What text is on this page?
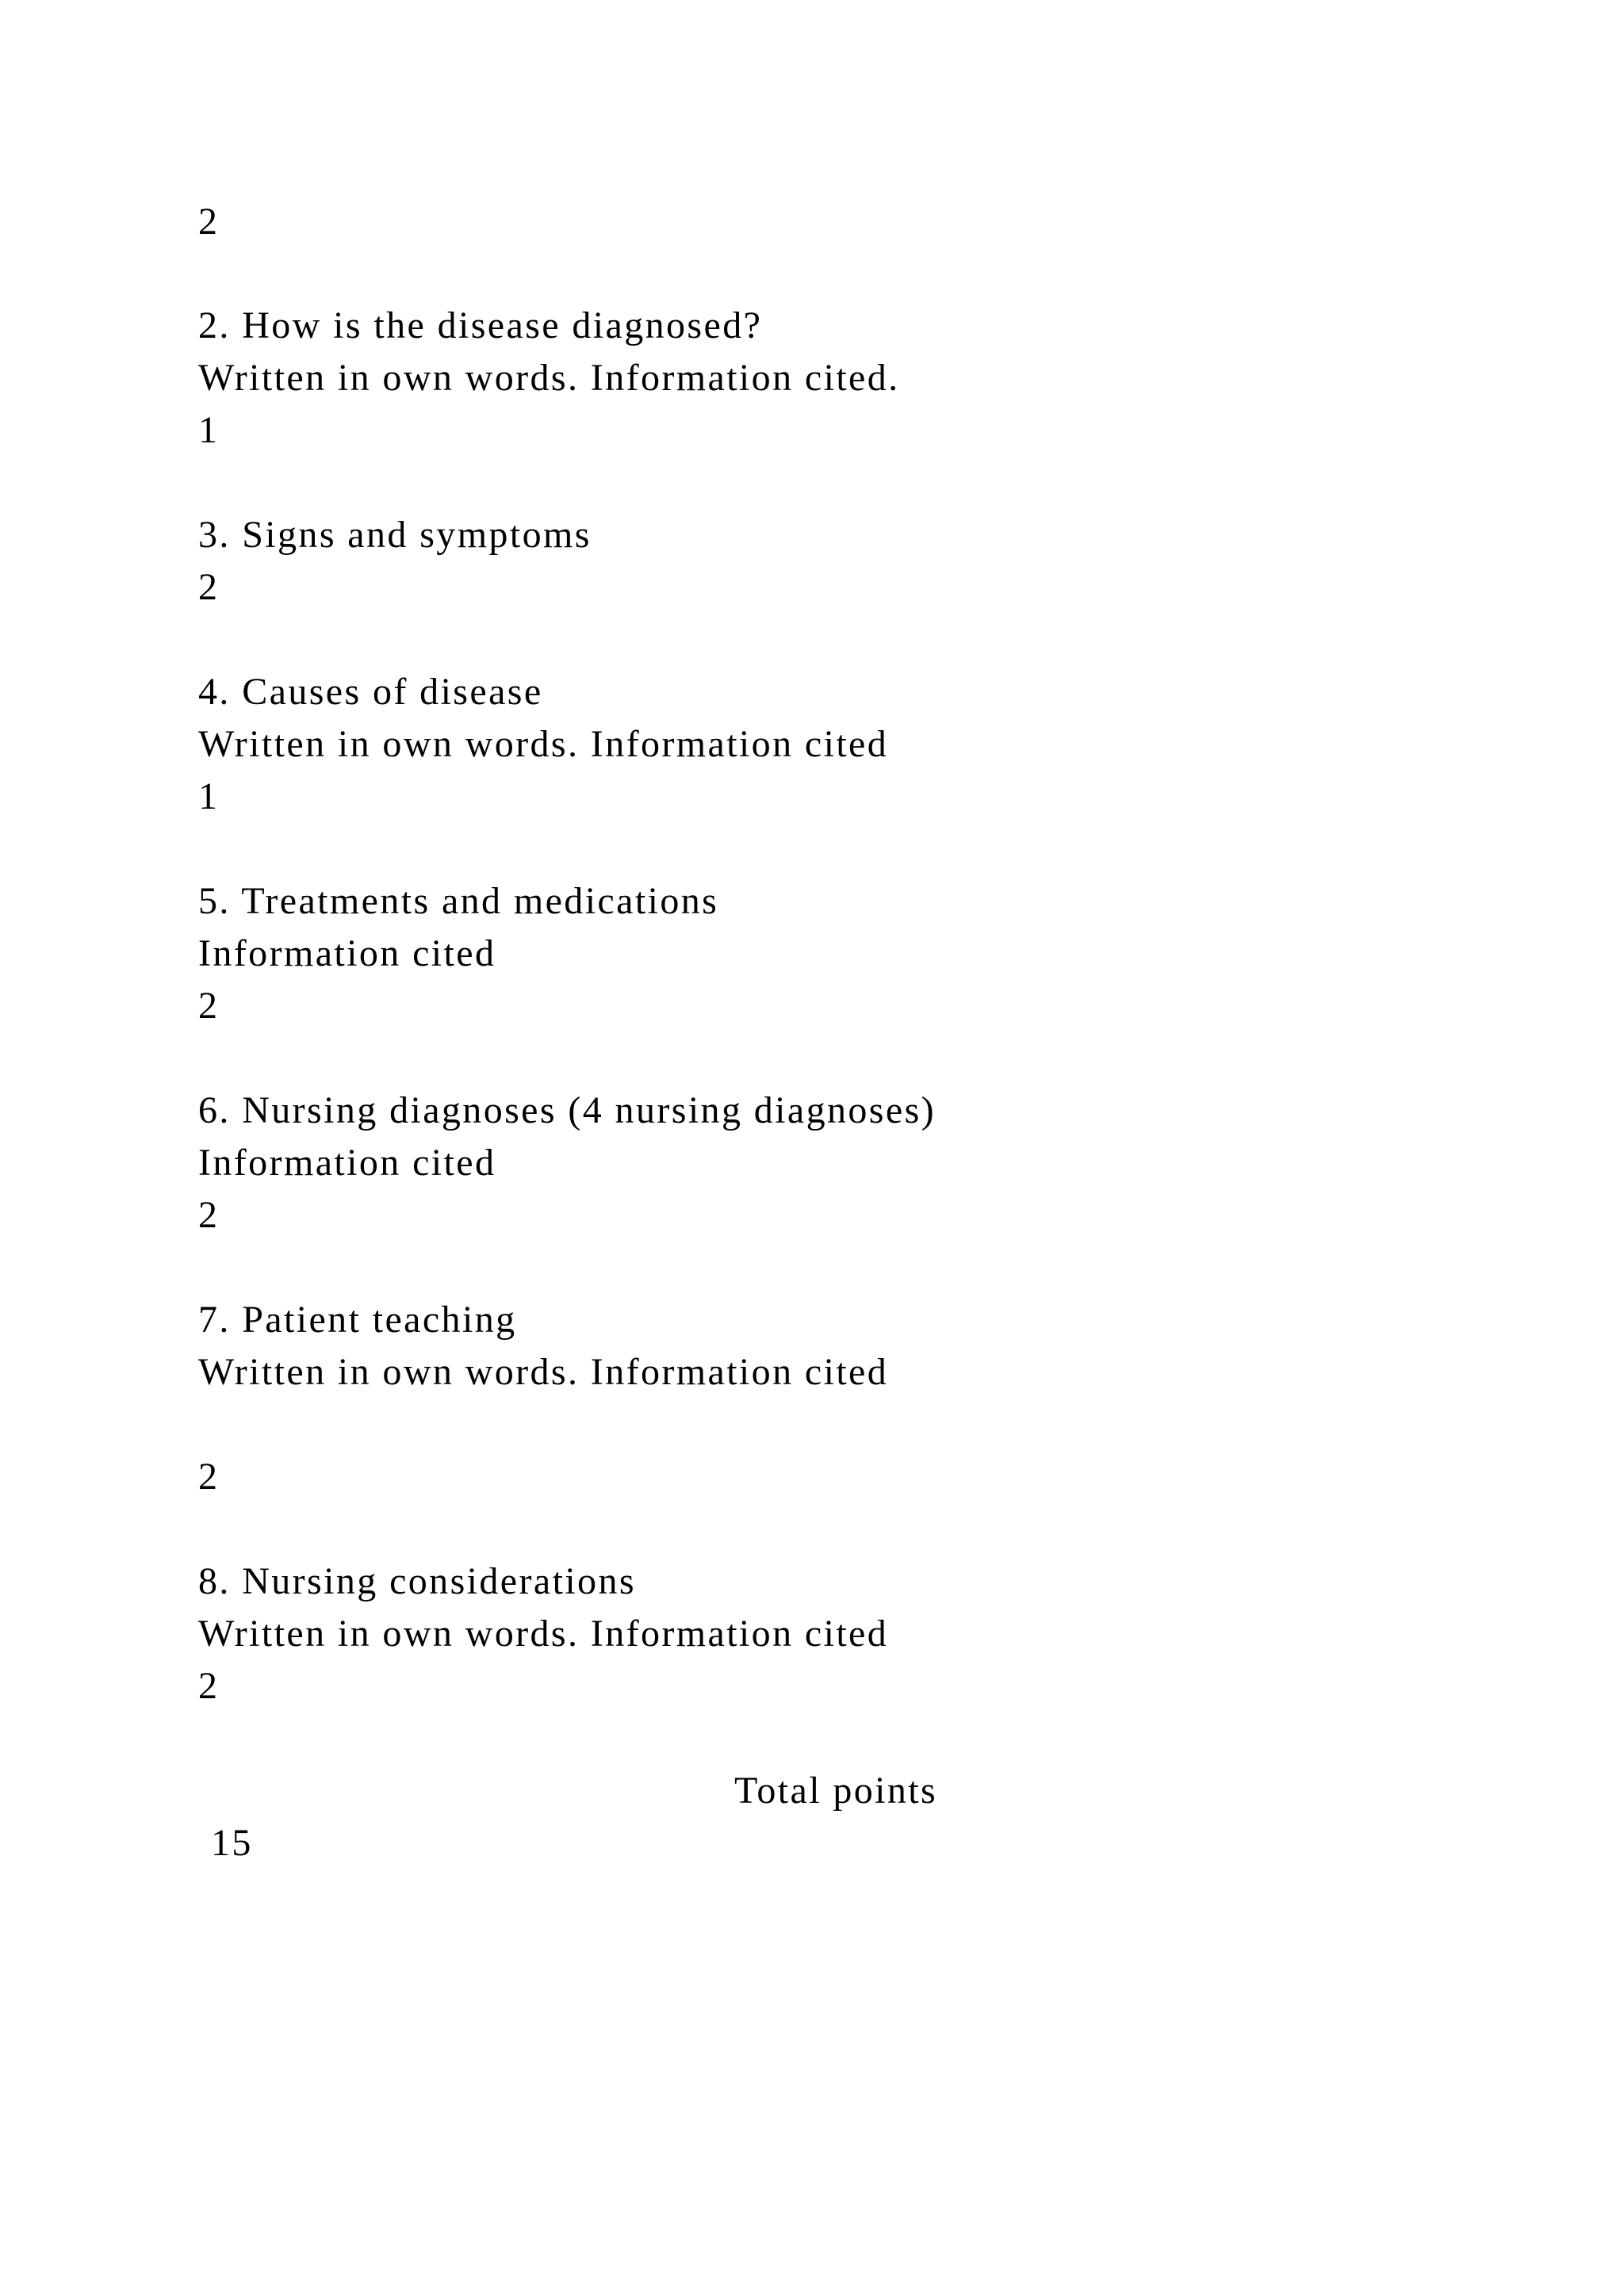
2
2. How is the disease diagnosed?
Written in own words. Information cited.
1
3. Signs and symptoms
2
4. Causes of disease
Written in own words. Information cited
1
5. Treatments and medications
Information cited
2
6. Nursing diagnoses (4 nursing diagnoses)
Information cited
2
7. Patient teaching
Written in own words. Information cited
2
8. Nursing considerations
Written in own words. Information cited
2
Total points
15
